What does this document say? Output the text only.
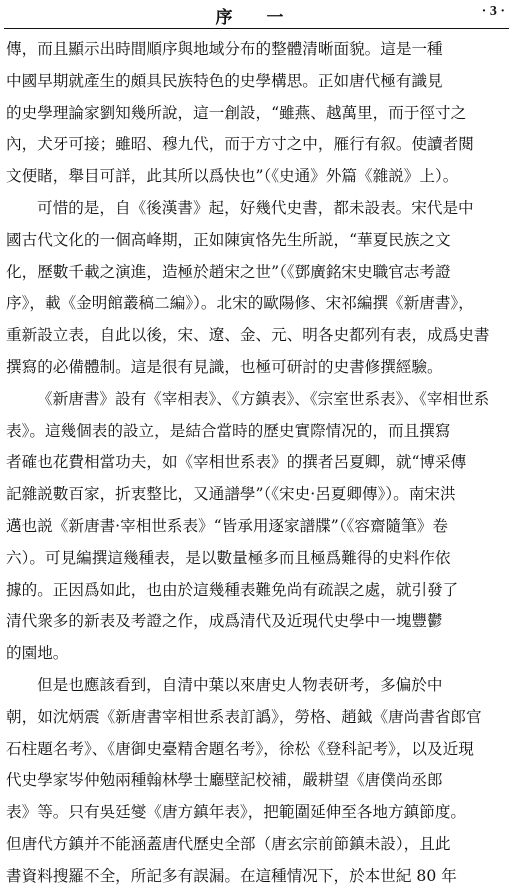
序 一	· 3 ·
傳，而且顯示出時間順序與地域分布的整體清晰面貌。這是一種
中國早期就產生的頗具民族特色的史學構思。正如唐代極有識見
的史學理論家劉知幾所說，這一創設，“雖燕、越萬里，而于徑寸之
內，犬牙可接；雖昭、穆九代，而于方寸之中，雁行有叙。使讀者閱
文便睹，舉目可詳，此其所以爲快也”（《史通》外篇《雜説》上）。
可惜的是，自《後漢書》起，好幾代史書，都未設表。宋代是中
國古代文化的一個高峰期，正如陳寅恪先生所説，“華夏民族之文
化，歷數千載之演進，造極於趙宋之世”（《鄧廣銘宋史職官志考證
序》，載《金明館叢稿二編》）。北宋的歐陽修、宋祁編撰《新唐書》，
重新設立表，自此以後，宋、遼、金、元、明各史都列有表，成爲史書
撰寫的必備體制。這是很有見識，也極可研討的史書修撰經驗。
《新唐書》設有《宰相表》、《方鎮表》、《宗室世系表》、《宰相世系
表》。這幾個表的設立，是結合當時的歷史實際情况的，而且撰寫
者確也花費相當功夫，如《宰相世系表》的撰者呂夏卿，就“博采傳
記雜説數百家，折衷整比，又通譜學”（《宋史·呂夏卿傳》）。南宋洪
邁也説《新唐書·宰相世系表》“皆承用逐家譜牒”（《容齋隨筆》卷
六）。可見編撰這幾種表，是以數量極多而且極爲難得的史料作依
據的。正因爲如此，也由於這幾種表難免尚有疏誤之處，就引發了
清代衆多的新表及考證之作，成爲清代及近現代史學中一塊豐鬱
的園地。
但是也應該看到，自清中葉以來唐史人物表研考，多偏於中
朝，如沈炳震《新唐書宰相世系表訂譌》，勞格、趙鉞《唐尚書省郎官
石柱題名考》、《唐御史臺精舍題名考》，徐松《登科記考》，以及近現
代史學家岑仲勉兩種翰林學士廳壁記校補，嚴耕望《唐僕尚丞郎
表》等。只有吳廷燮《唐方鎮年表》，把範圍延伸至各地方鎮節度。
但唐代方鎮并不能涵蓋唐代歷史全部（唐玄宗前節鎮未設），且此
書資料搜羅不全，所記多有誤漏。在這種情况下，於本世紀 80 年
